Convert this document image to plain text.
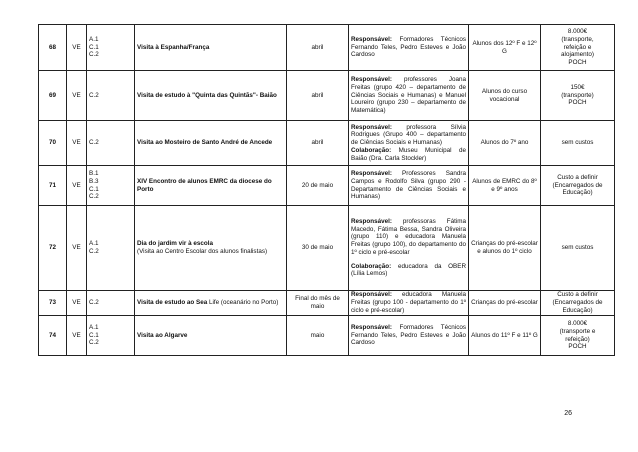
68	VE	A.1
C.1
C.2	Visita à Espanha/França	abril	Responsável: Formadores Técnicos Fernando Teles, Pedro Esteves e João Cardoso	Alunos dos 12º F e 12º G	8.000€
(transporte,
refeição e
alojamento)
POCH

69	VE	C.2	Visita de estudo à "Quinta das Quintãs"- Baião	abril	Responsável: professores Joana Freitas (grupo 420 – departamento de Ciências Sociais e Humanas) e Manuel Loureiro (grupo 230 – departamento de Matemática)	Alunos do curso vocacional	150€
(transporte)
POCH

70	VE	C.2	Visita ao Mosteiro de Santo André de Ancede	abril	Responsável: professora Sílvia Rodrigues (Grupo 400 – departamento de Ciências Sociais e Humanas)
Colaboração: Museu Municipal de Baião (Dra. Carla Stockler)	Alunos do 7º ano	sem custos

71	VE	B.1
B.3
C.1
C.2	XIV Encontro de alunos EMRC da diocese do Porto	20 de maio	Responsável: Professores Sandra Campos e Rodolfo Silva (grupo 290 - Departamento de Ciências Sociais e Humanas)	Alunos de EMRC do 8º e 9º anos	Custo a definir
(Encarregados de
Educação)

72	VE	A.1
C.2	Dia do jardim vir à escola
(Visita ao Centro Escolar dos alunos finalistas)	30 de maio	Responsável: professoras Fátima Macedo, Fátima Bessa, Sandra Oliveira (grupo 110) e educadora Manuela Freitas (grupo 100), do departamento do 1º ciclo e pré-escolar
Colaboração: educadora da OBER (Lília Lemos)	Crianças do pré-escolar e alunos do 1º ciclo	sem custos

73	VE	C.2	Visita de estudo ao Sea Life (oceanário no Porto)	Final do mês de maio	Responsável: educadora Manuela Freitas (grupo 100 - departamento do 1º ciclo e pré-escolar)	Crianças do pré-escolar	Custo a definir
(Encarregados de
Educação)

74	VE	A.1
C.1
C.2	Visita ao Algarve	maio	Responsável: Formadores Técnicos Fernando Teles, Pedro Esteves e João Cardoso	Alunos do 11º F e 11º G	8.000€
(transporte e
refeição)
POCH
26
